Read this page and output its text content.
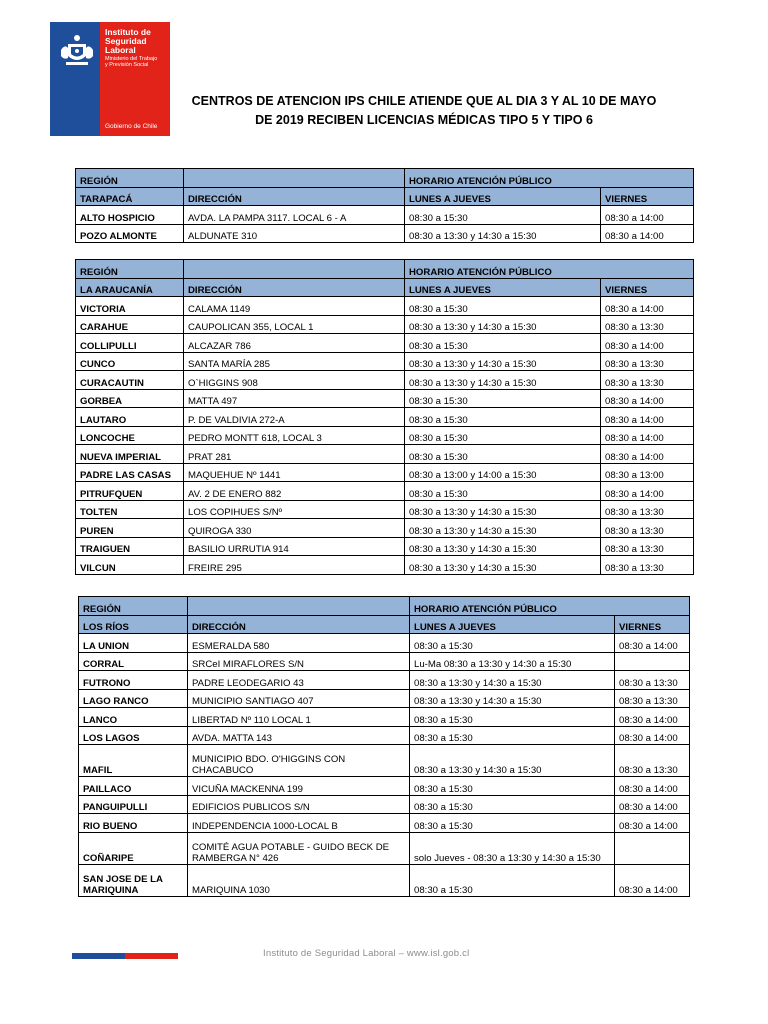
Instituto de
Seguridad
Laboral
Ministerio del Trabajo
y Previsión Social
Gobierno de Chile
CENTROS DE ATENCION IPS CHILE ATIENDE QUE AL DIA 3 Y AL 10 DE MAYO
DE 2019 RECIBEN LICENCIAS MÉDICAS TIPO 5 Y TIPO 6
REGIÓN		HORARIO ATENCIÓN PÚBLICO	
TARAPACÁ	DIRECCIÓN	LUNES A JUEVES	VIERNES
ALTO HOSPICIO	AVDA. LA PAMPA 3117. LOCAL 6 - A	08:30 a 15:30	08:30 a 14:00
POZO ALMONTE	ALDUNATE 310	08:30 a 13:30 y 14:30 a 15:30	08:30 a 14:00
REGIÓN		HORARIO ATENCIÓN PÚBLICO	
LA ARAUCANÍA	DIRECCIÓN	LUNES A JUEVES	VIERNES
VICTORIA	CALAMA 1149	08:30 a 15:30	08:30 a 14:00
CARAHUE	CAUPOLICAN 355, LOCAL 1	08:30 a 13:30 y 14:30 a 15:30	08:30 a 13:30
COLLIPULLI	ALCAZAR 786	08:30 a 15:30	08:30 a 14:00
CUNCO	SANTA MARÍA 285	08:30 a 13:30 y 14:30 a 15:30	08:30 a 13:30
CURACAUTIN	O`HIGGINS 908	08:30 a 13:30 y 14:30 a 15:30	08:30 a 13:30
GORBEA	MATTA 497	08:30 a 15:30	08:30 a 14:00
LAUTARO	P. DE VALDIVIA 272-A	08:30 a 15:30	08:30 a 14:00
LONCOCHE	PEDRO MONTT 618, LOCAL 3	08:30 a 15:30	08:30 a 14:00
NUEVA IMPERIAL	PRAT 281	08:30 a 15:30	08:30 a 14:00
PADRE LAS CASAS	MAQUEHUE Nº 1441	08:30 a 13:00 y 14:00 a 15:30	08:30 a 13:00
PITRUFQUEN	AV. 2 DE ENERO 882	08:30 a 15:30	08:30 a 14:00
TOLTEN	LOS COPIHUES S/Nº	08:30 a 13:30 y 14:30 a 15:30	08:30 a 13:30
PUREN	QUIROGA 330	08:30 a 13:30 y 14:30 a 15:30	08:30 a 13:30
TRAIGUEN	BASILIO URRUTIA 914	08:30 a 13:30 y 14:30 a 15:30	08:30 a 13:30
VILCUN	FREIRE 295	08:30 a 13:30 y 14:30 a 15:30	08:30 a 13:30
REGIÓN		HORARIO ATENCIÓN PÚBLICO	
LOS RÍOS	DIRECCIÓN	LUNES A JUEVES	VIERNES
LA UNION	ESMERALDA 580	08:30 a 15:30	08:30 a 14:00
CORRAL	SRCeI MIRAFLORES S/N	Lu-Ma 08:30 a 13:30 y 14:30 a 15:30	
FUTRONO	PADRE LEODEGARIO 43	08:30 a 13:30 y 14:30 a 15:30	08:30 a 13:30
LAGO RANCO	MUNICIPIO SANTIAGO 407	08:30 a 13:30 y 14:30 a 15:30	08:30 a 13:30
LANCO	LIBERTAD Nº 110 LOCAL 1	08:30 a 15:30	08:30 a 14:00
LOS LAGOS	AVDA. MATTA 143	08:30 a 15:30	08:30 a 14:00
MAFIL	MUNICIPIO BDO. O'HIGGINS CON CHACABUCO	08:30 a 13:30 y 14:30 a 15:30	08:30 a 13:30
PAILLACO	VICUÑA MACKENNA 199	08:30 a 15:30	08:30 a 14:00
PANGUIPULLI	EDIFICIOS PUBLICOS S/N	08:30 a 15:30	08:30 a 14:00
RIO BUENO	INDEPENDENCIA 1000-LOCAL B	08:30 a 15:30	08:30 a 14:00
COÑARIPE	COMITÉ AGUA POTABLE - GUIDO BECK DE RAMBERGA N° 426	solo Jueves - 08:30 a 13:30 y 14:30 a 15:30	
SAN JOSE DE LA MARIQUINA	MARIQUINA 1030	08:30 a 15:30	08:30 a 14:00
Instituto de Seguridad Laboral – www.isl.gob.cl
